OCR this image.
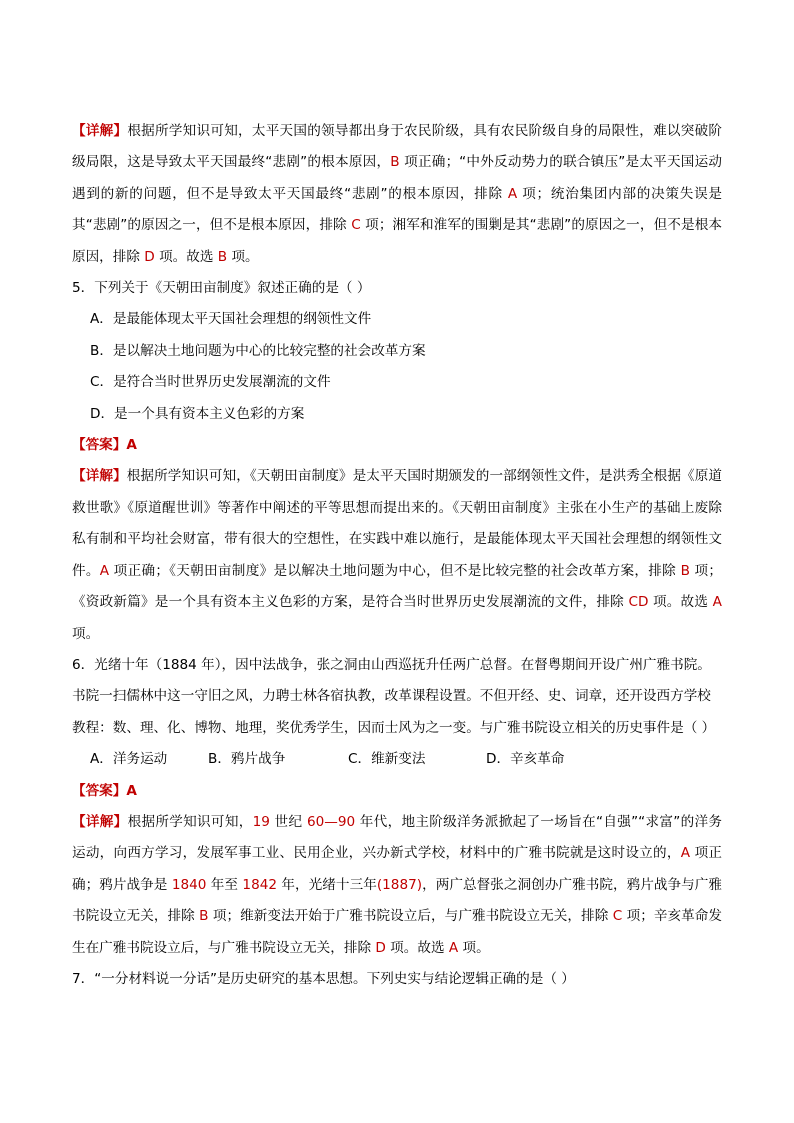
【详解】根据所学知识可知，太平天国的领导都出身于农民阶级，具有农民阶级自身的局限性，难以突破阶级局限，这是导致太平天国最终“悲剧”的根本原因，B 项正确；“中外反动势力的联合镇压”是太平天国运动遇到的新的问题，但不是导致太平天国最终“悲剧”的根本原因，排除 A 项；统治集团内部的决策失误是其“悲剧”的原因之一，但不是根本原因，排除 C 项；湘军和淮军的围剿是其“悲剧”的原因之一，但不是根本原因，排除 D 项。故选 B 项。

5．下列关于《天朝田亩制度》叙述正确的是（ ）

A．是最能体现太平天国社会理想的纲领性文件

B．是以解决土地问题为中心的比较完整的社会改革方案

C．是符合当时世界历史发展潮流的文件

D．是一个具有资本主义色彩的方案

【答案】A

【详解】根据所学知识可知，《天朝田亩制度》是太平天国时期颁发的一部纲领性文件，是洪秀全根据《原道救世歌》《原道醒世训》等著作中阐述的平等思想而提出来的。《天朝田亩制度》主张在小生产的基础上废除私有制和平均社会财富，带有很大的空想性，在实践中难以施行，是最能体现太平天国社会理想的纲领性文件。A 项正确；《天朝田亩制度》是以解决土地问题为中心，但不是比较完整的社会改革方案，排除 B 项；《资政新篇》是一个具有资本主义色彩的方案，是符合当时世界历史发展潮流的文件，排除 CD 项。故选 A 项。

6．光绪十年（1884 年），因中法战争，张之洞由山西巡抚升任两广总督。在督粤期间开设广州广雅书院。书院一扫儒林中这一守旧之风，力聘士林各宿执教，改革课程设置。不但开经、史、词章，还开设西方学校教程：数、理、化、博物、地理，奖优秀学生，因而士风为之一变。与广雅书院设立相关的历史事件是（ ）

A．洋务运动	B．鸦片战争	C．维新变法	D．辛亥革命

【答案】A

【详解】根据所学知识可知，19 世纪 60—90 年代，地主阶级洋务派掀起了一场旨在“自强”“求富”的洋务运动，向西方学习，发展军事工业、民用企业，兴办新式学校，材料中的广雅书院就是这时设立的，A 项正确；鸦片战争是 1840 年至 1842 年，光绪十三年(1887)，两广总督张之洞创办广雅书院，鸦片战争与广雅书院设立无关，排除 B 项；维新变法开始于广雅书院设立后，与广雅书院设立无关，排除 C 项；辛亥革命发生在广雅书院设立后，与广雅书院设立无关，排除 D 项。故选 A 项。

7．“一分材料说一分话”是历史研究的基本思想。下列史实与结论逻辑正确的是（ ）
